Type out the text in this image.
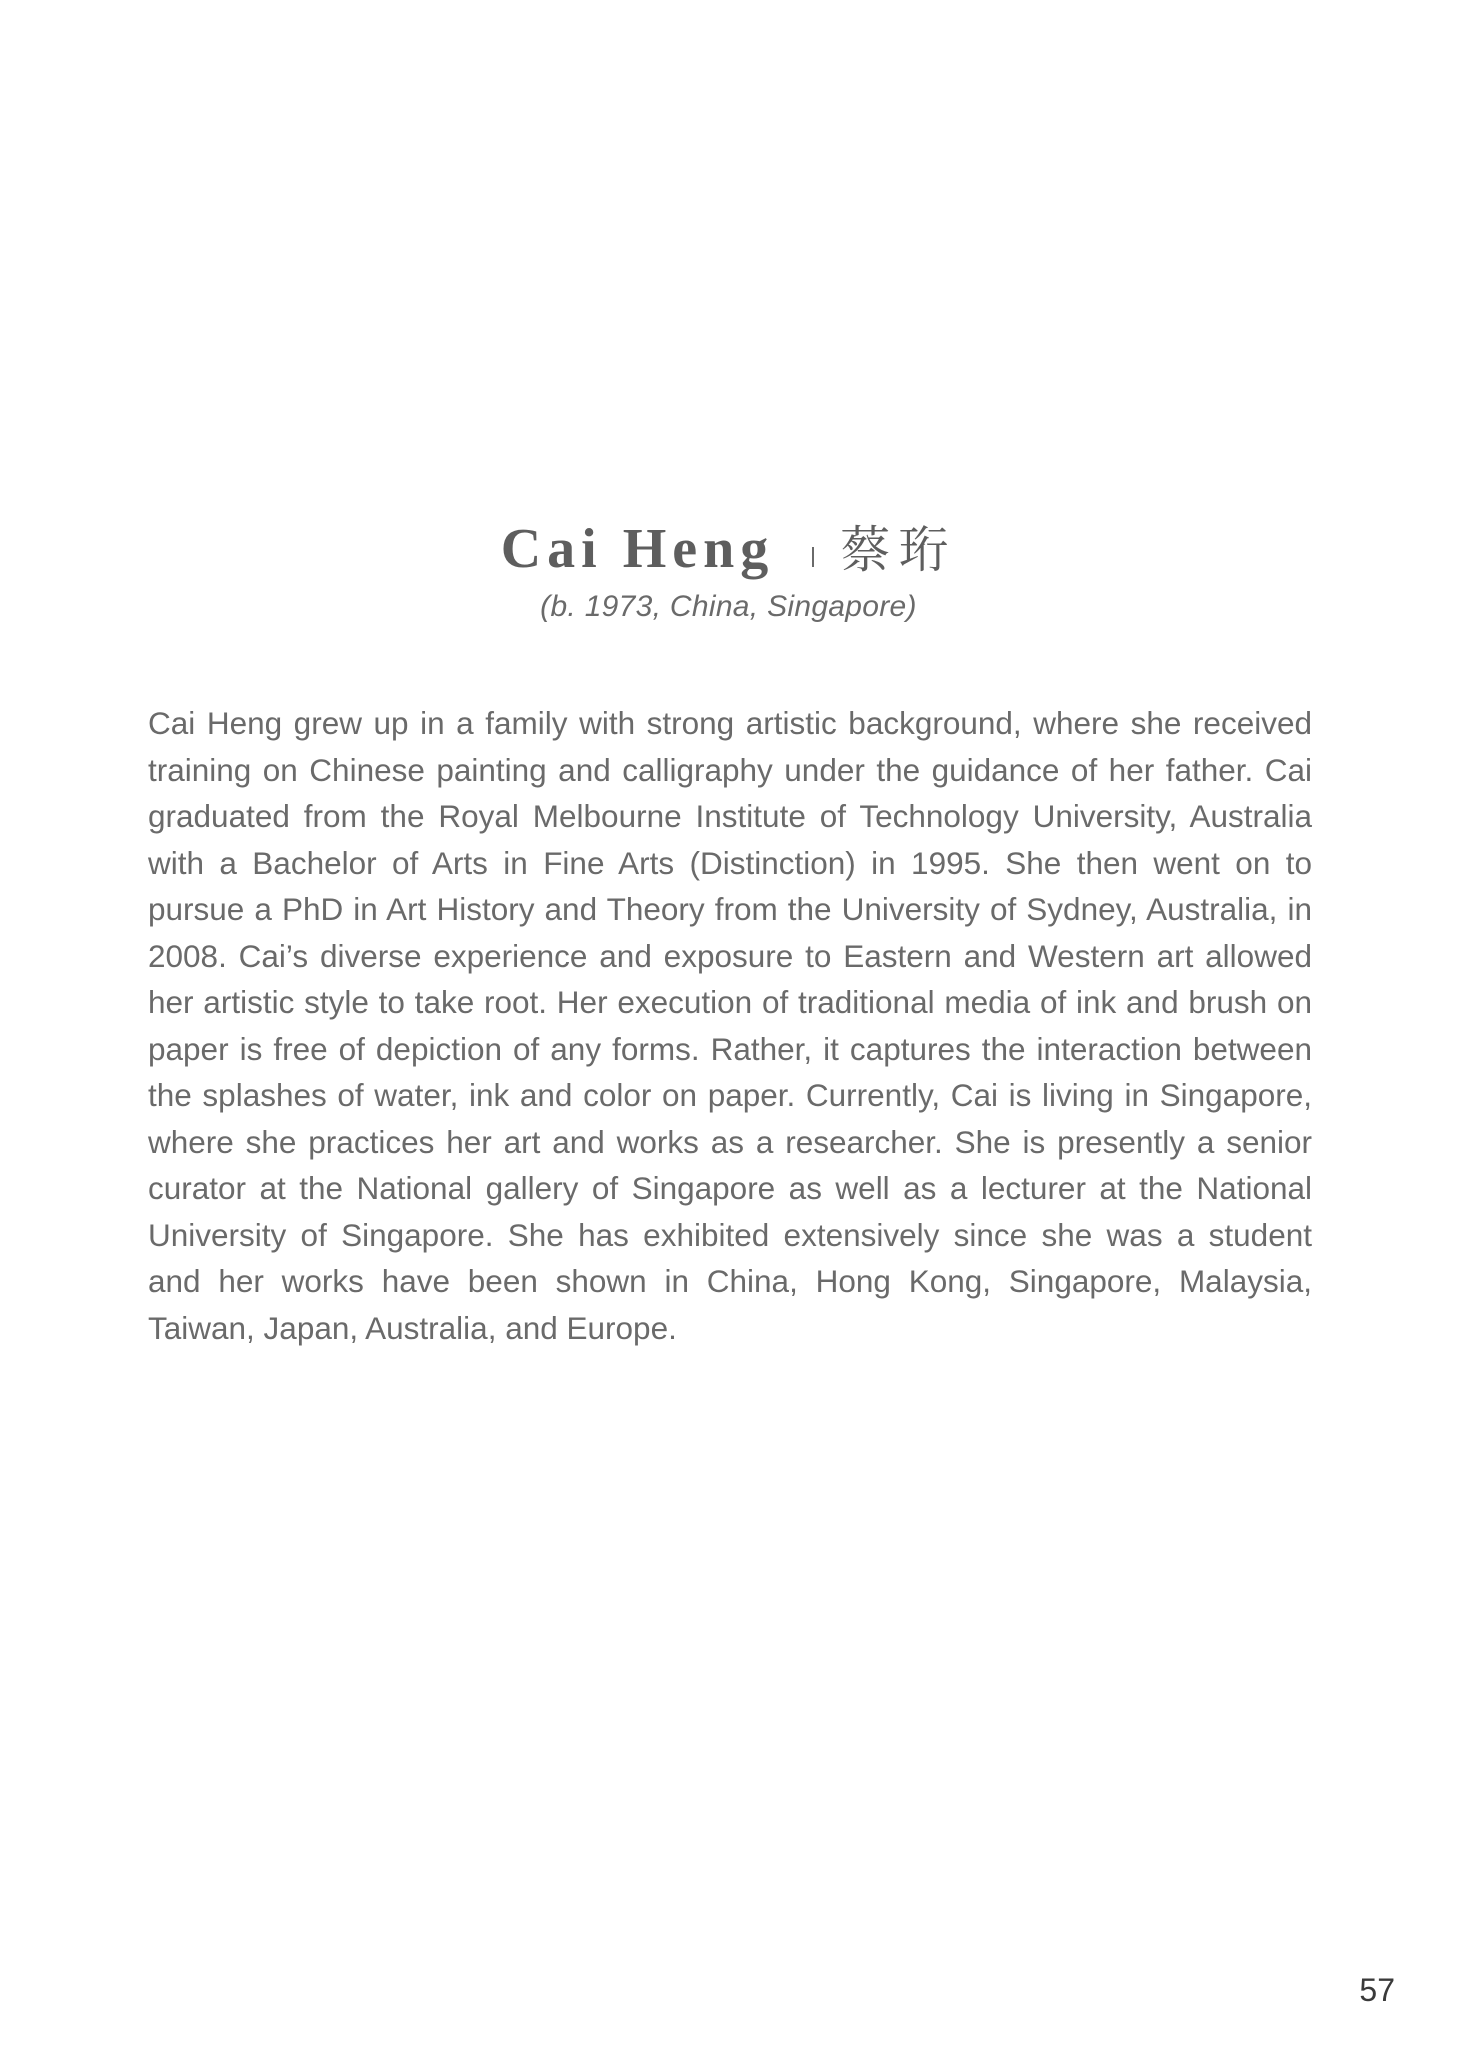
Cai Heng 蔡珩
(b. 1973, China, Singapore)

Cai Heng grew up in a family with strong artistic background, where she received training on Chinese painting and calligraphy under the guidance of her father. Cai graduated from the Royal Melbourne Institute of Technology University, Australia with a Bachelor of Arts in Fine Arts (Distinction) in 1995. She then went on to pursue a PhD in Art History and Theory from the University of Sydney, Australia, in 2008. Cai’s diverse experience and exposure to Eastern and Western art allowed her artistic style to take root. Her execution of traditional media of ink and brush on paper is free of depiction of any forms. Rather, it captures the interaction between the splashes of water, ink and color on paper. Currently, Cai is living in Singapore, where she practices her art and works as a researcher. She is presently a senior curator at the National gallery of Singapore as well as a lecturer at the National University of Singapore. She has exhibited extensively since she was a student and her works have been shown in China, Hong Kong, Singapore, Malaysia, Taiwan, Japan, Australia, and Europe.

57
